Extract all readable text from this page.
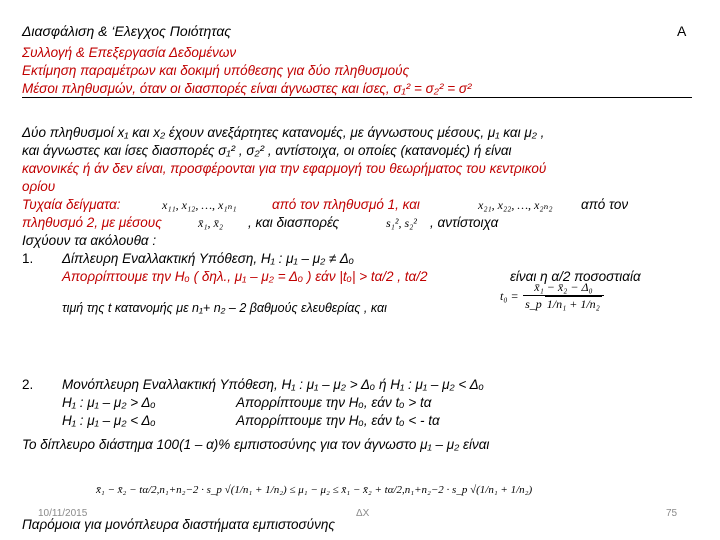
Διασφάλιση & ‘Ελεγχος Ποιότητας	Α
Συλλογή & Επεξεργασία Δεδομένων
Εκτίμηση παραμέτρων και δοκιμή υπόθεσης για δύο πληθυσμούς
Μέσοι πληθυσμών, όταν οι διασπορές είναι άγνωστες και ίσες, σ₁² = σ₂² = σ²
Δύο πληθυσμοί x₁ και x₂ έχουν ανεξάρτητες κατανομές, με άγνωστους μέσους, μ₁ και μ₂ ,
και άγνωστες και ίσες διασπορές σ₁² , σ₂² , αντίστοιχα, οι οποίες (κατανομές) ή είναι
κανονικές ή άν δεν είναι, προσφέρονται για την εφαρμογή του θεωρήματος του κεντρικού
ορίου
Τυχαία δείγματα:	x₁₁, x₁₂, …, x₁ₙ₁	από τον πληθυσμό 1, και	x₂₁, x₂₂, …, x₂ₙ₂ από τον
πληθυσμό 2, με μέσους	x̄₁, x̄₂ , και διασπορές	s₁², s₂² , αντίστοιχα
Ισχύουν τα ακόλουθα :
1. Δίπλευρη Εναλλακτική Υπόθεση, H₁ : μ₁ – μ₂ ≠ Δₒ
Απορρίπτουμε την Hₒ ( δηλ., μ₁ – μ₂ = Δₒ ) εάν |tₒ| > tα/2 , tα/2	είναι η α/2 ποσοστιαία
τιμή της t κατανομής με n₁+ n₂ – 2 βαθμούς ελευθερίας , και
$t_0 = \frac{\text{x̄₁ − x̄₂ − Δ₀}}{\text{s\_p 1/n₁ + 1/n₂}}$
2. Μονόπλευρη Εναλλακτική Υπόθεση, H₁ : μ₁ – μ₂ > Δₒ ή H₁ : μ₁ – μ₂ < Δₒ
H₁ : μ₁ – μ₂ > Δₒ	Απορρίπτουμε την Hₒ, εάν tₒ > tα
H₁ : μ₁ – μ₂ < Δₒ	Απορρίπτουμε την Hₒ, εάν tₒ < - tα
Το δίπλευρο διάστημα 100(1 – α)% εμπιστοσύνης για τον άγνωστο μ₁ – μ₂ είναι
x̄₁ − x̄₂ − tα/2,n₁+n₂−2 · s_p √(1/n₁ + 1/n₂) ≤ μ₁ − μ₂ ≤ x̄₁ − x̄₂ + tα/2,n₁+n₂−2 · s_p √(1/n₁ + 1/n₂)
Παρόμοια για μονόπλευρα διαστήματα εμπιστοσύνης
10/11/2015	ΔΧ	75
